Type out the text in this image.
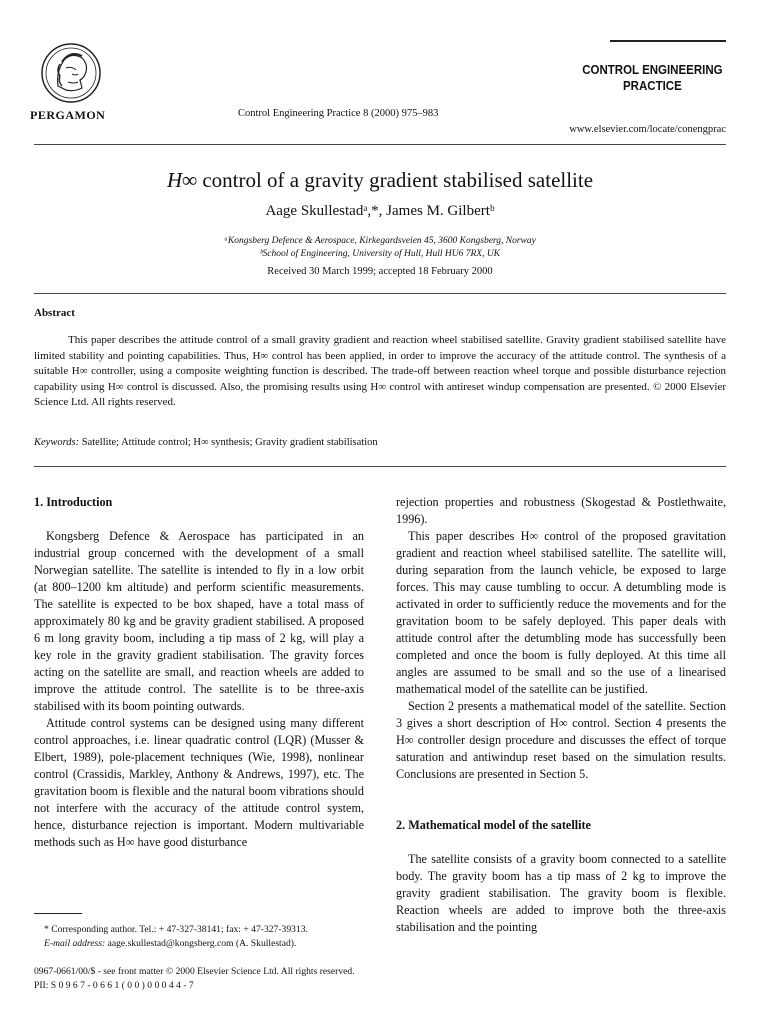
PERGAMON	Control Engineering Practice 8 (2000) 975–983
CONTROL ENGINEERING PRACTICE
www.elsevier.com/locate/conengprac
H∞ control of a gravity gradient stabilised satellite
Aage Skullestadᵃ,*, James M. Gilbertᵇ
ᵃKongsberg Defence & Aerospace, Kirkegardsveien 45, 3600 Kongsberg, Norway
ᵇSchool of Engineering, University of Hull, Hull HU6 7RX, UK
Received 30 March 1999; accepted 18 February 2000
Abstract
This paper describes the attitude control of a small gravity gradient and reaction wheel stabilised satellite. Gravity gradient stabilised satellite have limited stability and pointing capabilities. Thus, H∞ control has been applied, in order to improve the accuracy of the attitude control. The synthesis of a suitable H∞ controller, using a composite weighting function is described. The trade-off between reaction wheel torque and possible disturbance rejection capability using H∞ control is discussed. Also, the promising results using H∞ control with antireset windup compensation are presented. © 2000 Elsevier Science Ltd. All rights reserved.
Keywords: Satellite; Attitude control; H∞ synthesis; Gravity gradient stabilisation
1. Introduction

Kongsberg Defence & Aerospace has participated in an industrial group concerned with the development of a small Norwegian satellite. The satellite is intended to fly in a low orbit (at 800–1200 km altitude) and perform scientific measurements. The satellite is expected to be box shaped, have a total mass of approximately 80 kg and be gravity gradient stabilised. A proposed 6 m long gravity boom, including a tip mass of 2 kg, will play a key role in the gravity gradient stabilisation. The gravity forces acting on the satellite are small, and reaction wheels are added to improve the attitude control. The satellite is to be three-axis stabilised with its boom pointing outwards.

Attitude control systems can be designed using many different control approaches, i.e. linear quadratic control (LQR) (Musser & Elbert, 1989), pole-placement techniques (Wie, 1998), nonlinear control (Crassidis, Markley, Anthony & Andrews, 1997), etc. The gravitation boom is flexible and the natural boom vibrations should not interfere with the accuracy of the attitude control system, hence, disturbance rejection is important. Modern multivariable methods such as H∞ have good disturbance

rejection properties and robustness (Skogestad & Postlethwaite, 1996).

This paper describes H∞ control of the proposed gravitation gradient and reaction wheel stabilised satellite. The satellite will, during separation from the launch vehicle, be exposed to large forces. This may cause tumbling to occur. A detumbling mode is activated in order to sufficiently reduce the movements and for the gravitation boom to be safely deployed. This paper deals with attitude control after the detumbling mode has successfully been completed and once the boom is fully deployed. At this time all angles are assumed to be small and so the use of a linearised mathematical model of the satellite can be justified.

Section 2 presents a mathematical model of the satellite. Section 3 gives a short description of H∞ control. Section 4 presents the H∞ controller design procedure and discusses the effect of torque saturation and antiwindup reset based on the simulation results. Conclusions are presented in Section 5.

2. Mathematical model of the satellite

The satellite consists of a gravity boom connected to a satellite body. The gravity boom has a tip mass of 2 kg to improve the gravity gradient stabilisation. The gravity boom is flexible. Reaction wheels are added to improve both the three-axis stabilisation and the pointing

* Corresponding author. Tel.: + 47-327-38141; fax: + 47-327-39313.
E-mail address: aage.skullestad@kongsberg.com (A. Skullestad).
0967-0661/00/$ - see front matter © 2000 Elsevier Science Ltd. All rights reserved.
PII: S 0 9 6 7 - 0 6 6 1 ( 0 0 ) 0 0 0 4 4 - 7
